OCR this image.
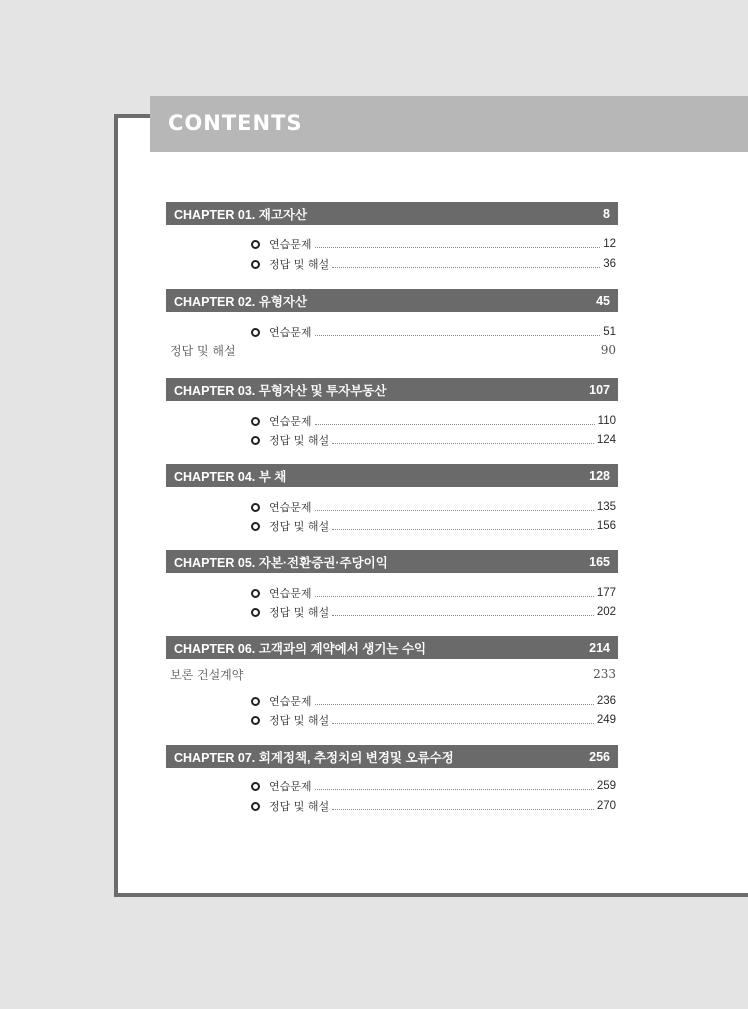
CONTENTS
CHAPTER 01. 재고자산	8
연습문제	12
정답 및 해설	36
CHAPTER 02. 유형자산	45
연습문제	51
정답 및 해설	90
CHAPTER 03. 무형자산 및 투자부동산	107
연습문제	110
정답 및 해설	124
CHAPTER 04. 부 채	128
연습문제	135
정답 및 해설	156
CHAPTER 05. 자본·전환증권·주당이익	165
연습문제	177
정답 및 해설	202
CHAPTER 06. 고객과의 계약에서 생기는 수익	214
보론 건설계약	233
연습문제	236
정답 및 해설	249
CHAPTER 07. 회계정책, 추정치의 변경및 오류수정	256
연습문제	259
정답 및 해설	270
